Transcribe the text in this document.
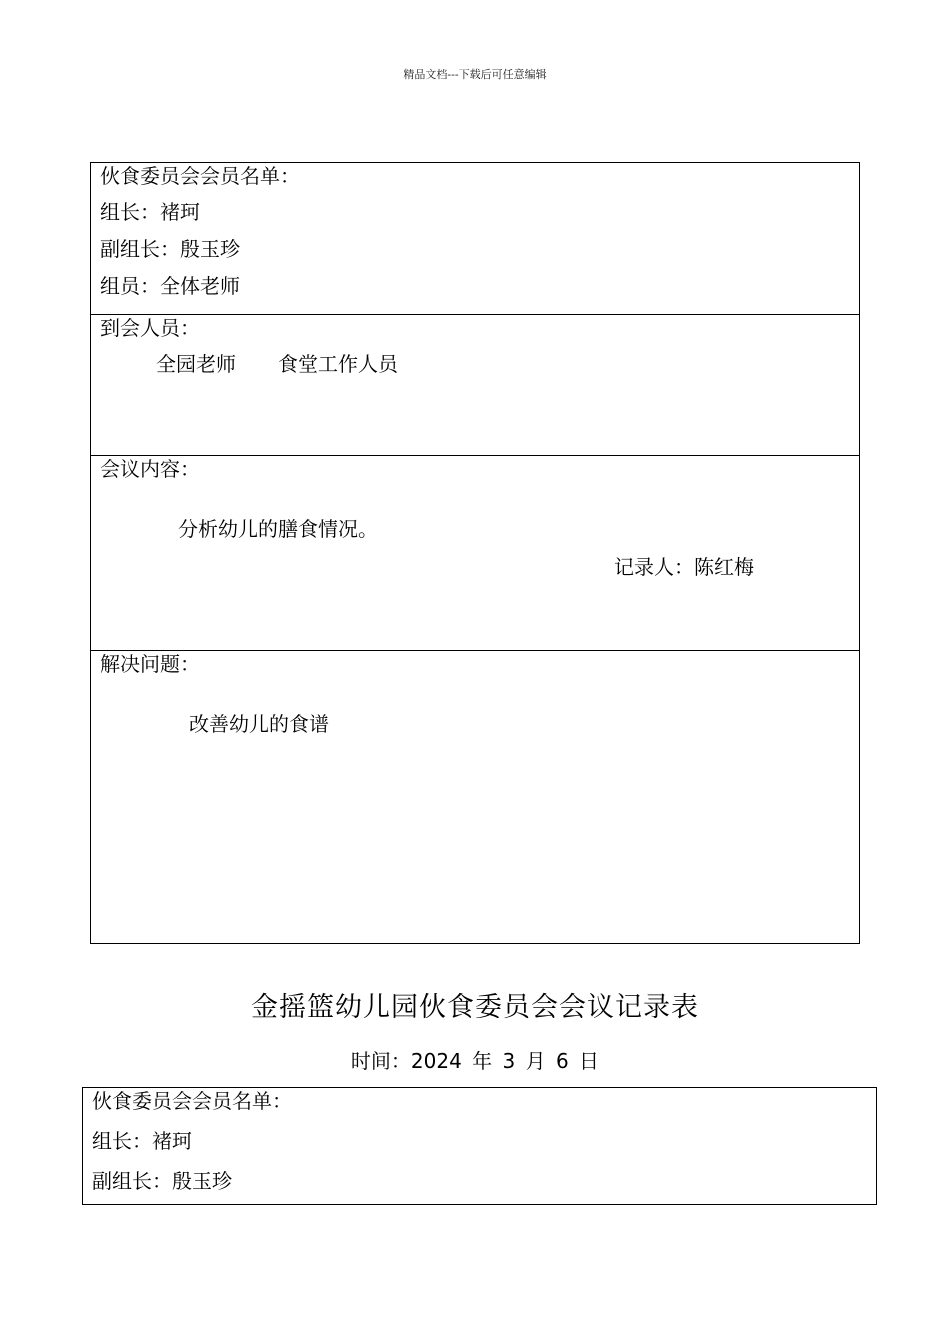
精品文档---下载后可任意编辑
伙食委员会会员名单：
组长：褚珂
副组长：殷玉珍
组员：全体老师
到会人员：
全园老师 食堂工作人员
会议内容：
分析幼儿的膳食情况。
记录人：陈红梅
解决问题：
改善幼儿的食谱
金摇篮幼儿园伙食委员会会议记录表
时间：2024 年 3 月 6 日
伙食委员会会员名单：
组长：褚珂
副组长：殷玉珍
